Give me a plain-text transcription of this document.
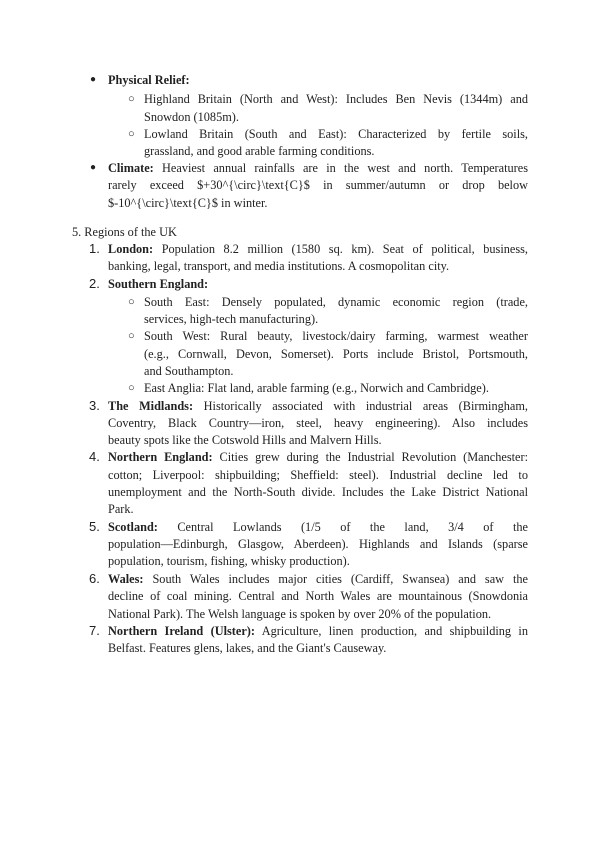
● Physical Relief:
○ Highland Britain (North and West): Includes Ben Nevis (1344m) and
Snowdon (1085m).
○ Lowland Britain (South and East): Characterized by fertile soils,
grassland, and good arable farming conditions.
● Climate: Heaviest annual rainfalls are in the west and north. Temperatures
rarely exceed $+30^{\circ}\text{C}$ in summer/autumn or drop below
$-10^{\circ}\text{C}$ in winter.
5. Regions of the UK
1. London: Population 8.2 million (1580 sq. km). Seat of political, business,
banking, legal, transport, and media institutions. A cosmopolitan city.
2. Southern England:
○ South East: Densely populated, dynamic economic region (trade,
services, high-tech manufacturing).
○ South West: Rural beauty, livestock/dairy farming, warmest weather
(e.g., Cornwall, Devon, Somerset). Ports include Bristol, Portsmouth,
and Southampton.
○ East Anglia: Flat land, arable farming (e.g., Norwich and Cambridge).
3. The Midlands: Historically associated with industrial areas (Birmingham,
Coventry, Black Country—iron, steel, heavy engineering). Also includes
beauty spots like the Cotswold Hills and Malvern Hills.
4. Northern England: Cities grew during the Industrial Revolution (Manchester:
cotton; Liverpool: shipbuilding; Sheffield: steel). Industrial decline led to
unemployment and the North-South divide. Includes the Lake District National
Park.
5. Scotland: Central Lowlands (1/5 of the land, 3/4 of the
population—Edinburgh, Glasgow, Aberdeen). Highlands and Islands (sparse
population, tourism, fishing, whisky production).
6. Wales: South Wales includes major cities (Cardiff, Swansea) and saw the
decline of coal mining. Central and North Wales are mountainous (Snowdonia
National Park). The Welsh language is spoken by over 20% of the population.
7. Northern Ireland (Ulster): Agriculture, linen production, and shipbuilding in
Belfast. Features glens, lakes, and the Giant's Causeway.
